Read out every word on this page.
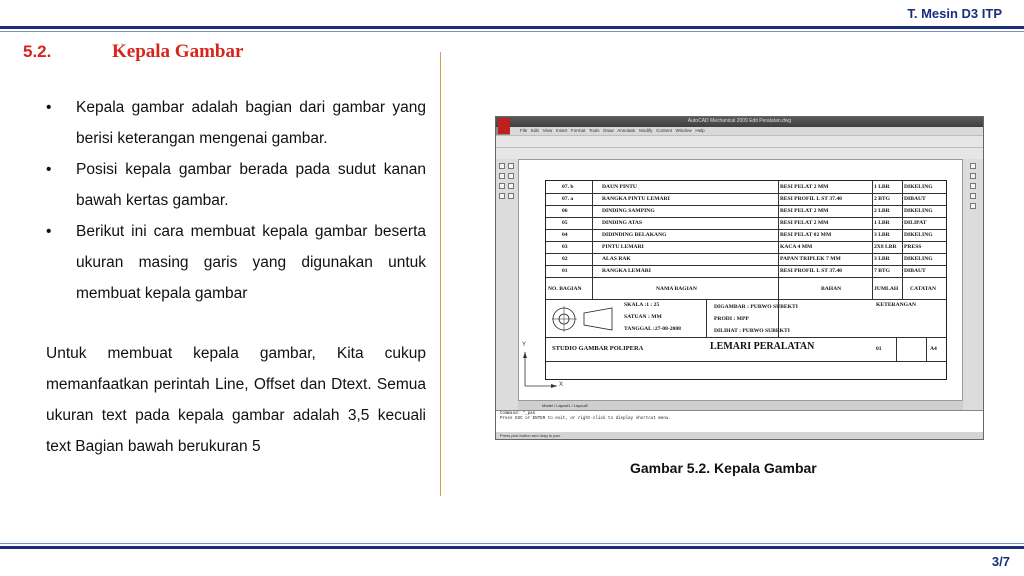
T. Mesin D3 ITP
5.2.	Kepala Gambar
• Kepala gambar adalah bagian dari gambar yang berisi keterangan mengenai gambar.
• Posisi kepala gambar berada pada sudut kanan bawah kertas gambar.
• Berikut ini cara membuat kepala gambar beserta ukuran masing garis yang digunakan untuk membuat kepala gambar

Untuk membuat kepala gambar, Kita cukup memanfaatkan perintah Line, Offset dan Dtext. Semua ukuran text pada kepala gambar adalah 3,5 kecuali text Bagian bawah berukuran 5

AutoCAD Mechanical 2009 Edit Peralatan.dwg
File Edit View Insert Format Tools Draw Annotate Modify Content Window Help
07. b	DAUN PINTU	BESI PELAT 2 MM	1 LBR	DIKELING
07. a	RANGKA PINTU LEMARI	BESI PROFIL L ST 37.40	2 BTG DIBAUT
06	DINDING SAMPING	BESI PELAT 2 MM	2 LBR	DIKELING
05	DINDING ATAS	BESI PELAT 2 MM	1 LBR	DILIPAT
04	DIDINDING BELAKANG	BESI PELAT 02 MM	3 LBR	DIKELING
03	PINTU LEMARI	KACA 4 MM	2X8 LBR PRESS
02	ALAS RAK	PAPAN TRIPLEK 7 MM	3 LBR	DIKELING
01	RANGKA LEMARI	BESI PROFIL L ST 37.40	7 BTG DIBAUT
NO. BAGIAN	NAMA BAGIAN	BAHAN	JUMLAH CATATAN
SKALA :1 : 25
SATUAN : MM
TANGGAL :27-08-2008
DIGAMBAR : PURWO SUBEKTI
PRODI : MPP
DILIHAT : PURWO SUBEKTI
KETERANGAN
STUDIO GAMBAR POLIPERA	LEMARI PERALATAN	01	A4
Y
X
Model / Layout1 / Layout2
Command: *_pan
Press ESC or ENTER to exit, or right-click to display shortcut menu.
Press pick button and drag to pan.
Gambar 5.2. Kepala Gambar
3/7
